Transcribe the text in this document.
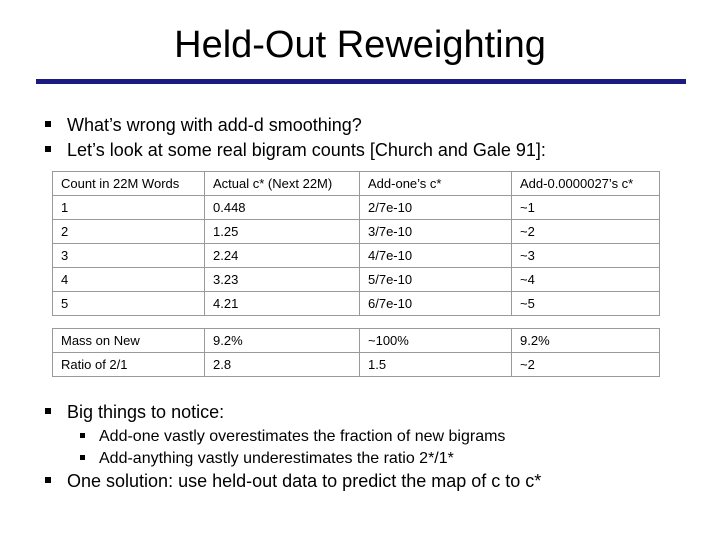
Held-Out Reweighting
What’s wrong with add-d smoothing?
Let’s look at some real bigram counts [Church and Gale 91]:
Count in 22M Words	Actual c* (Next 22M)	Add-one’s c*	Add-0.0000027’s c*
1	0.448	2/7e-10	~1
2	1.25	3/7e-10	~2
3	2.24	4/7e-10	~3
4	3.23	5/7e-10	~4
5	4.21	6/7e-10	~5

Mass on New	9.2%	~100%	9.2%
Ratio of 2/1	2.8	1.5	~2
Big things to notice:
Add-one vastly overestimates the fraction of new bigrams
Add-anything vastly underestimates the ratio 2*/1*
One solution: use held-out data to predict the map of c to c*
